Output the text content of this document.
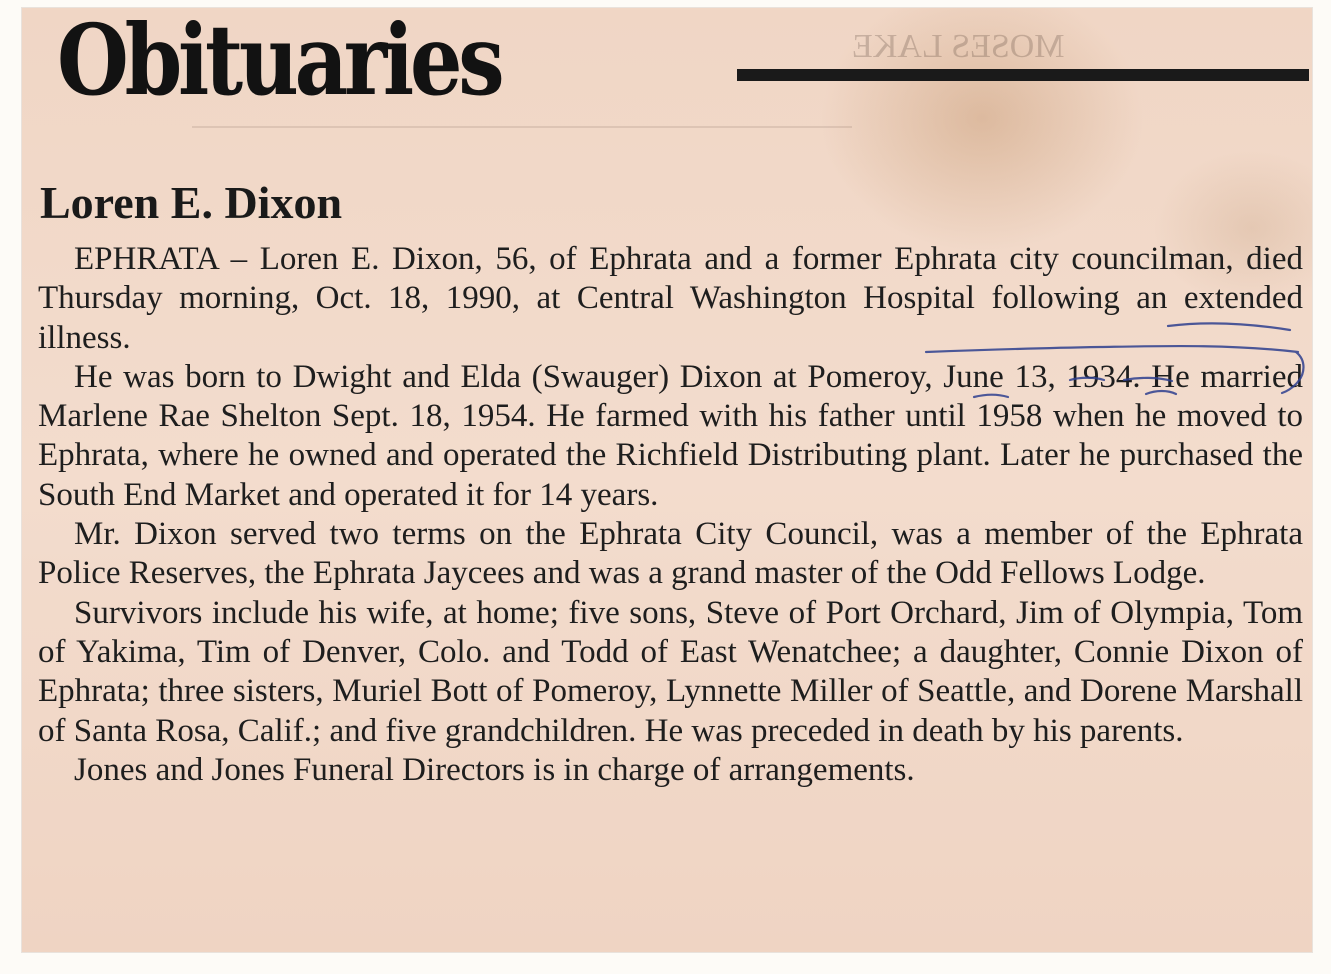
MOSES LAKE
Obituaries
Loren E. Dixon

EPHRATA – Loren E. Dixon, 56, of Ephrata and a former Ephrata city councilman, died Thursday morning, Oct. 18, 1990, at Central Washington Hospital following an extended illness.

He was born to Dwight and Elda (Swauger) Dixon at Pomeroy, June 13, 1934. He married Marlene Rae Shelton Sept. 18, 1954. He farmed with his father until 1958 when he moved to Ephrata, where he owned and operated the Richfield Distributing plant. Later he purchased the South End Market and operated it for 14 years.

Mr. Dixon served two terms on the Ephrata City Council, was a member of the Ephrata Police Reserves, the Ephrata Jaycees and was a grand master of the Odd Fellows Lodge.

Survivors include his wife, at home; five sons, Steve of Port Orchard, Jim of Olympia, Tom of Yakima, Tim of Denver, Colo. and Todd of East Wenatchee; a daughter, Connie Dixon of Ephrata; three sisters, Muriel Bott of Pomeroy, Lynnette Miller of Seattle, and Dorene Marshall of Santa Rosa, Calif.; and five grandchildren. He was preceded in death by his parents.

Jones and Jones Funeral Directors is in charge of arrangements.
